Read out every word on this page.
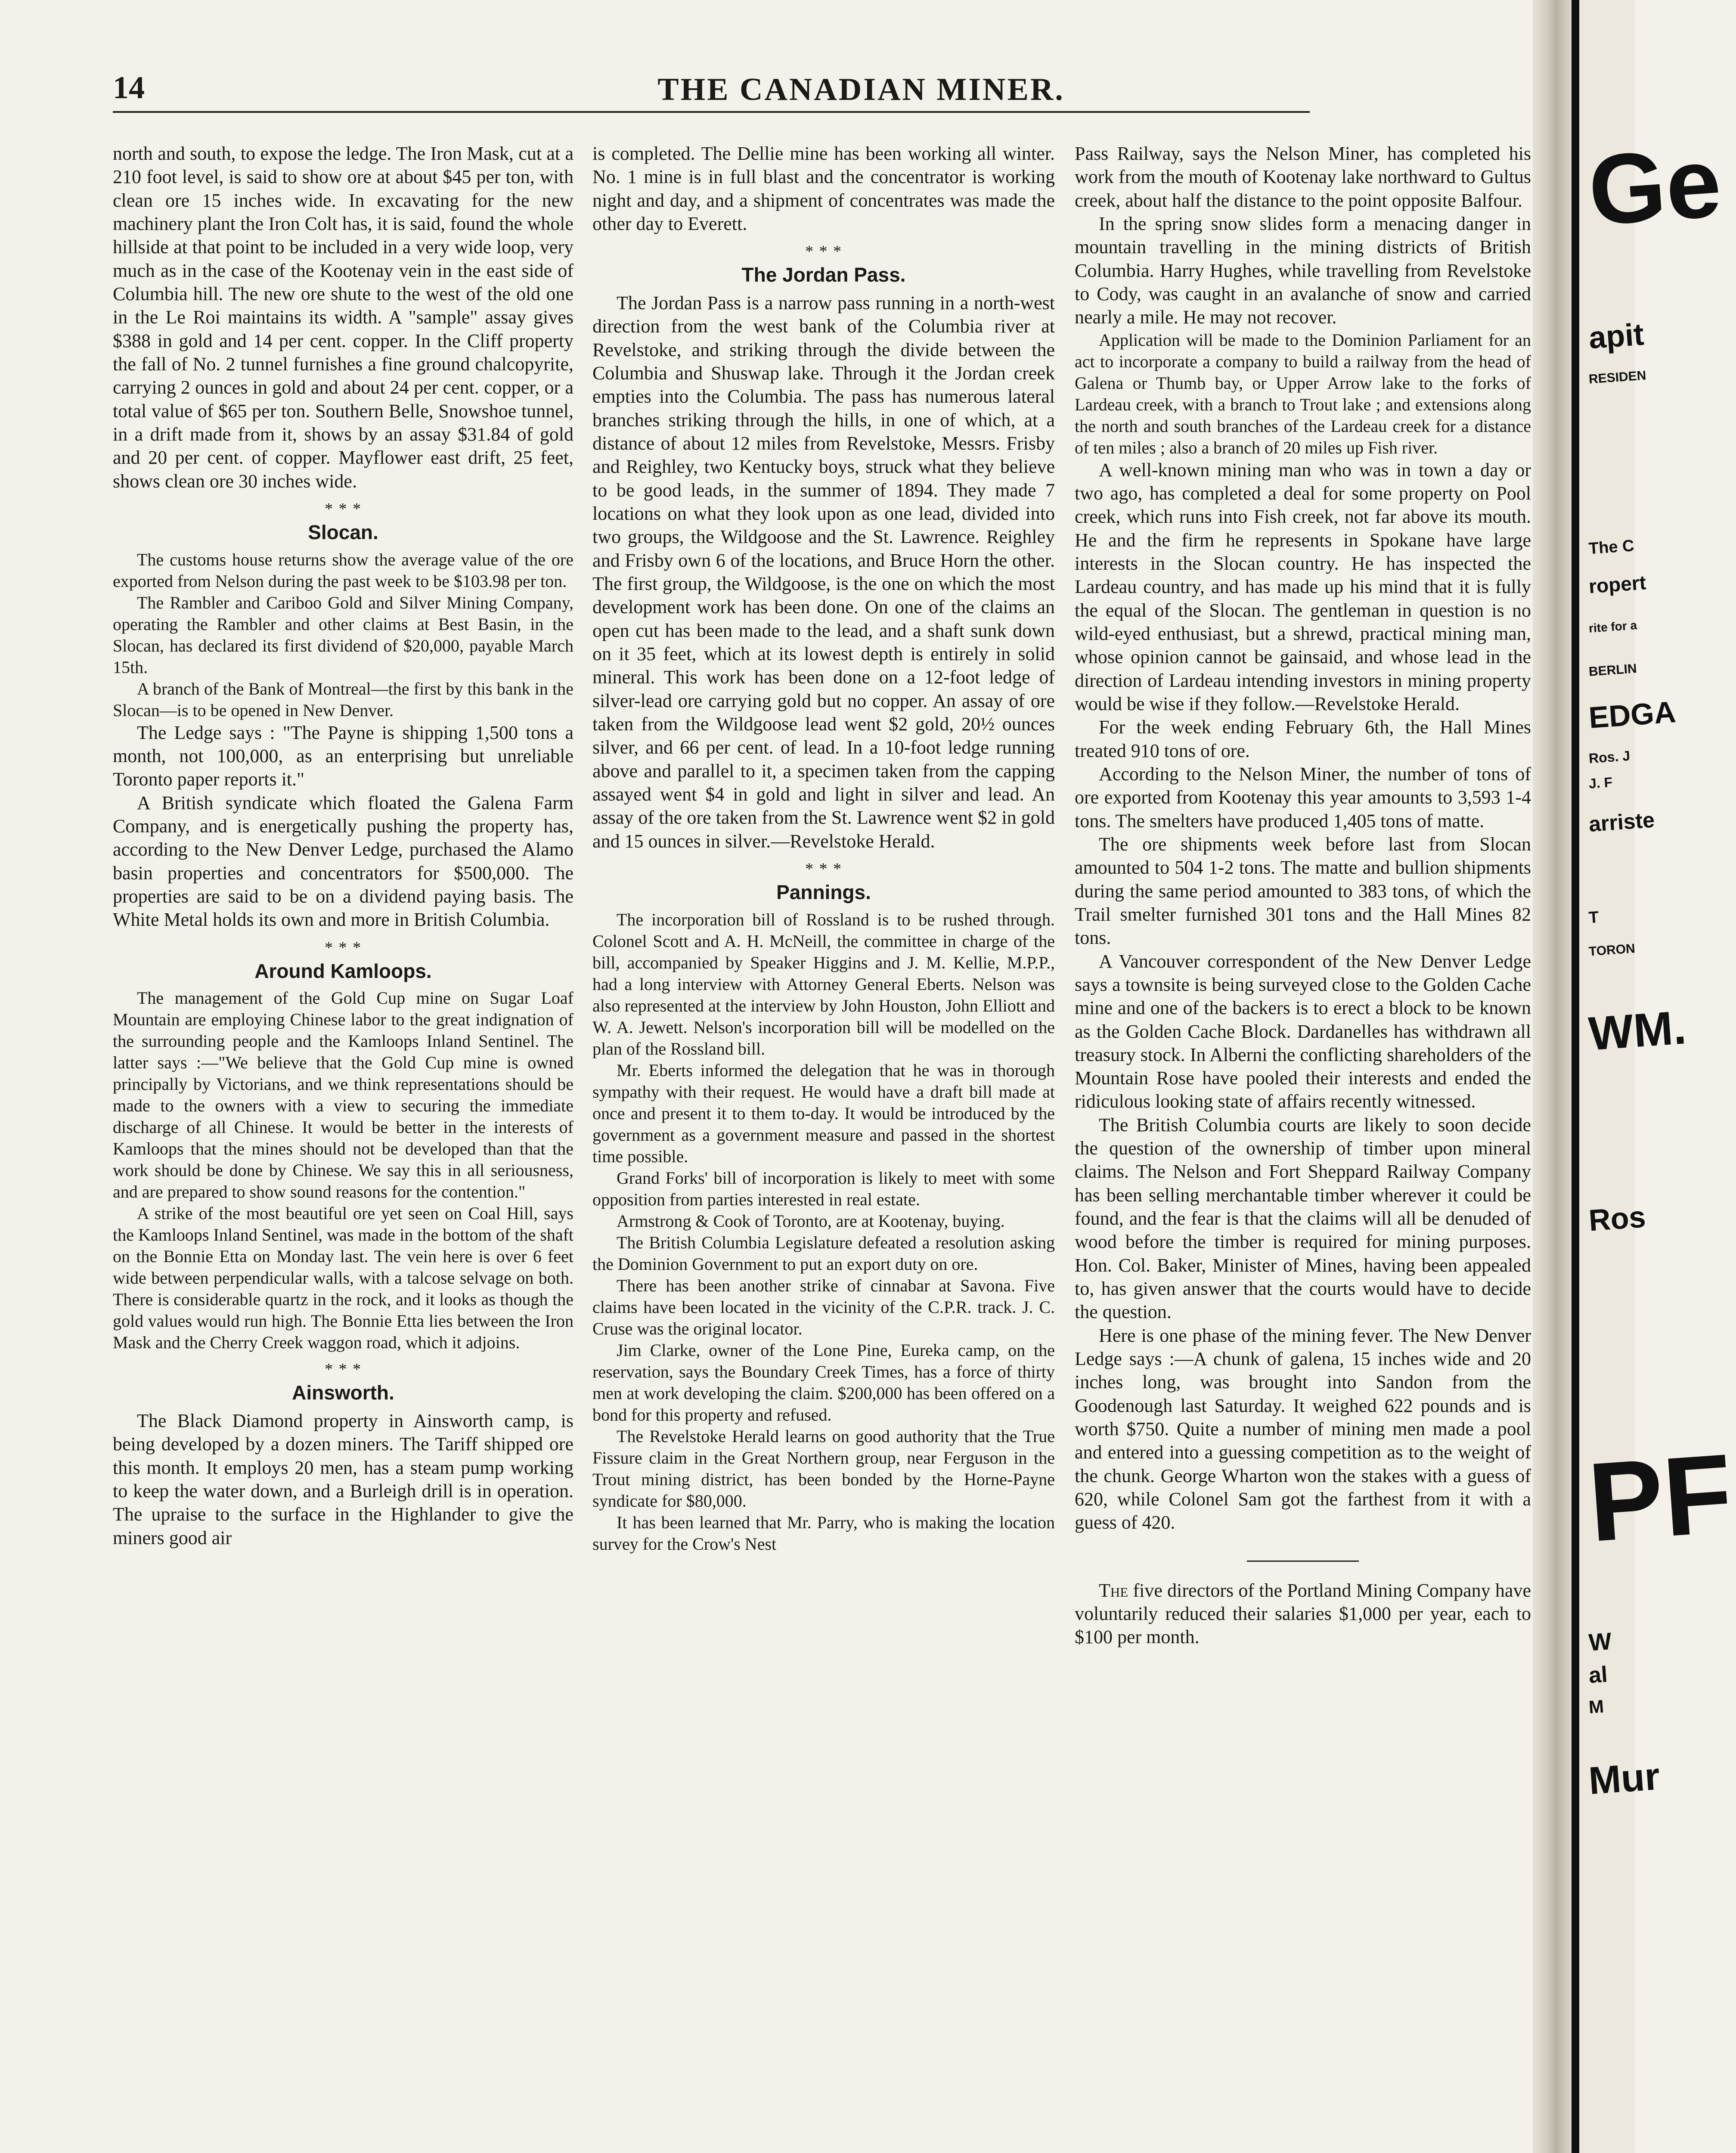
14	THE CANADIAN MINER.

north and south, to expose the ledge. The Iron Mask, cut at a 210 foot level, is said to show ore at about $45 per ton, with clean ore 15 inches wide. In excavating for the new machinery plant the Iron Colt has, it is said, found the whole hillside at that point to be included in a very wide loop, very much as in the case of the Kootenay vein in the east side of Columbia hill. The new ore shute to the west of the old one in the Le Roi maintains its width. A "sample" assay gives $388 in gold and 14 per cent. copper. In the Cliff property the fall of No. 2 tunnel furnishes a fine ground chalcopyrite, carrying 2 ounces in gold and about 24 per cent. copper, or a total value of $65 per ton. Southern Belle, Snowshoe tunnel, in a drift made from it, shows by an assay $31.84 of gold and 20 per cent. of copper. Mayflower east drift, 25 feet, shows clean ore 30 inches wide.

* * *
Slocan.

The customs house returns show the average value of the ore exported from Nelson during the past week to be $103.98 per ton.

The Rambler and Cariboo Gold and Silver Mining Company, operating the Rambler and other claims at Best Basin, in the Slocan, has declared its first dividend of $20,000, payable March 15th.

A branch of the Bank of Montreal—the first by this bank in the Slocan—is to be opened in New Denver.

The Ledge says : "The Payne is shipping 1,500 tons a month, not 100,000, as an enterprising but unreliable Toronto paper reports it."

A British syndicate which floated the Galena Farm Company, and is energetically pushing the property has, according to the New Denver Ledge, purchased the Alamo basin properties and concentrators for $500,000. The properties are said to be on a dividend paying basis. The White Metal holds its own and more in British Columbia.

* * *
Around Kamloops.

The management of the Gold Cup mine on Sugar Loaf Mountain are employing Chinese labor to the great indignation of the surrounding people and the Kamloops Inland Sentinel. The latter says :—"We believe that the Gold Cup mine is owned principally by Victorians, and we think representations should be made to the owners with a view to securing the immediate discharge of all Chinese. It would be better in the interests of Kamloops that the mines should not be developed than that the work should be done by Chinese. We say this in all seriousness, and are prepared to show sound reasons for the contention."

A strike of the most beautiful ore yet seen on Coal Hill, says the Kamloops Inland Sentinel, was made in the bottom of the shaft on the Bonnie Etta on Monday last. The vein here is over 6 feet wide between perpendicular walls, with a talcose selvage on both. There is considerable quartz in the rock, and it looks as though the gold values would run high. The Bonnie Etta lies between the Iron Mask and the Cherry Creek waggon road, which it adjoins.

* * *
Ainsworth.

The Black Diamond property in Ainsworth camp, is being developed by a dozen miners. The Tariff shipped ore this month. It employs 20 men, has a steam pump working to keep the water down, and a Burleigh drill is in operation. The upraise to the surface in the Highlander to give the miners good air

is completed. The Dellie mine has been working all winter. No. 1 mine is in full blast and the concentrator is working night and day, and a shipment of concentrates was made the other day to Everett.

* * *
The Jordan Pass.

The Jordan Pass is a narrow pass running in a north-west direction from the west bank of the Columbia river at Revelstoke, and striking through the divide between the Columbia and Shuswap lake. Through it the Jordan creek empties into the Columbia. The pass has numerous lateral branches striking through the hills, in one of which, at a distance of about 12 miles from Revelstoke, Messrs. Frisby and Reighley, two Kentucky boys, struck what they believe to be good leads, in the summer of 1894. They made 7 locations on what they look upon as one lead, divided into two groups, the Wildgoose and the St. Lawrence. Reighley and Frisby own 6 of the locations, and Bruce Horn the other. The first group, the Wildgoose, is the one on which the most development work has been done. On one of the claims an open cut has been made to the lead, and a shaft sunk down on it 35 feet, which at its lowest depth is entirely in solid mineral. This work has been done on a 12-foot ledge of silver-lead ore carrying gold but no copper. An assay of ore taken from the Wildgoose lead went $2 gold, 20½ ounces silver, and 66 per cent. of lead. In a 10-foot ledge running above and parallel to it, a specimen taken from the capping assayed went $4 in gold and light in silver and lead. An assay of the ore taken from the St. Lawrence went $2 in gold and 15 ounces in silver.—Revelstoke Herald.

* * *
Pannings.

The incorporation bill of Rossland is to be rushed through. Colonel Scott and A. H. McNeill, the committee in charge of the bill, accompanied by Speaker Higgins and J. M. Kellie, M.P.P., had a long interview with Attorney General Eberts. Nelson was also represented at the interview by John Houston, John Elliott and W. A. Jewett. Nelson's incorporation bill will be modelled on the plan of the Rossland bill.

Mr. Eberts informed the delegation that he was in thorough sympathy with their request. He would have a draft bill made at once and present it to them to-day. It would be introduced by the government as a government measure and passed in the shortest time possible.

Grand Forks' bill of incorporation is likely to meet with some opposition from parties interested in real estate.

Armstrong & Cook of Toronto, are at Kootenay, buying.

The British Columbia Legislature defeated a resolution asking the Dominion Government to put an export duty on ore.

There has been another strike of cinnabar at Savona. Five claims have been located in the vicinity of the C.P.R. track. J. C. Cruse was the original locator.

Jim Clarke, owner of the Lone Pine, Eureka camp, on the reservation, says the Boundary Creek Times, has a force of thirty men at work developing the claim. $200,000 has been offered on a bond for this property and refused.

The Revelstoke Herald learns on good authority that the True Fissure claim in the Great Northern group, near Ferguson in the Trout mining district, has been bonded by the Horne-Payne syndicate for $80,000.

It has been learned that Mr. Parry, who is making the location survey for the Crow's Nest

Pass Railway, says the Nelson Miner, has completed his work from the mouth of Kootenay lake northward to Gultus creek, about half the distance to the point opposite Balfour.

In the spring snow slides form a menacing danger in mountain travelling in the mining districts of British Columbia. Harry Hughes, while travelling from Revelstoke to Cody, was caught in an avalanche of snow and carried nearly a mile. He may not recover.

Application will be made to the Dominion Parliament for an act to incorporate a company to build a railway from the head of Galena or Thumb bay, or Upper Arrow lake to the forks of Lardeau creek, with a branch to Trout lake ; and extensions along the north and south branches of the Lardeau creek for a distance of ten miles ; also a branch of 20 miles up Fish river.

A well-known mining man who was in town a day or two ago, has completed a deal for some property on Pool creek, which runs into Fish creek, not far above its mouth. He and the firm he represents in Spokane have large interests in the Slocan country. He has inspected the Lardeau country, and has made up his mind that it is fully the equal of the Slocan. The gentleman in question is no wild-eyed enthusiast, but a shrewd, practical mining man, whose opinion cannot be gainsaid, and whose lead in the direction of Lardeau intending investors in mining property would be wise if they follow.—Revelstoke Herald.

For the week ending February 6th, the Hall Mines treated 910 tons of ore.

According to the Nelson Miner, the number of tons of ore exported from Kootenay this year amounts to 3,593 1-4 tons. The smelters have produced 1,405 tons of matte.

The ore shipments week before last from Slocan amounted to 504 1-2 tons. The matte and bullion shipments during the same period amounted to 383 tons, of which the Trail smelter furnished 301 tons and the Hall Mines 82 tons.

A Vancouver correspondent of the New Denver Ledge says a townsite is being surveyed close to the Golden Cache mine and one of the backers is to erect a block to be known as the Golden Cache Block. Dardanelles has withdrawn all treasury stock. In Alberni the conflicting shareholders of the Mountain Rose have pooled their interests and ended the ridiculous looking state of affairs recently witnessed.

The British Columbia courts are likely to soon decide the question of the ownership of timber upon mineral claims. The Nelson and Fort Sheppard Railway Company has been selling merchantable timber wherever it could be found, and the fear is that the claims will all be denuded of wood before the timber is required for mining purposes. Hon. Col. Baker, Minister of Mines, having been appealed to, has given answer that the courts would have to decide the question.

Here is one phase of the mining fever. The New Denver Ledge says :—A chunk of galena, 15 inches wide and 20 inches long, was brought into Sandon from the Goodenough last Saturday. It weighed 622 pounds and is worth $750. Quite a number of mining men made a pool and entered into a guessing competition as to the weight of the chunk. George Wharton won the stakes with a guess of 620, while Colonel Sam got the farthest from it with a guess of 420.

The five directors of the Portland Mining Company have voluntarily reduced their salaries $1,000 per year, each to $100 per month.

Ge
apit
RESIDEN
The C
ropert
rite for a
BERLIN
EDGA
Ros. J
J. F
arriste
T
TORON
WM.
Ros
PF
W
al
M
Mur
